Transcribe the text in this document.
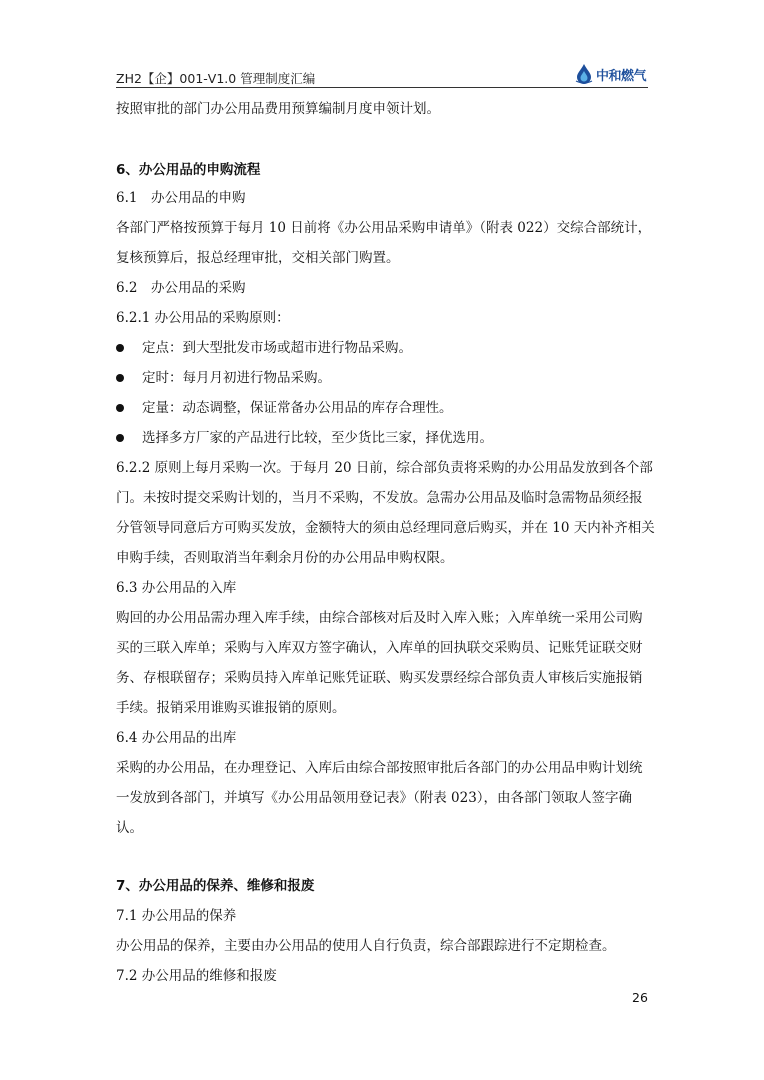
ZH2【企】001-V1.0 管理制度汇编	中和燃气
按照审批的部门办公用品费用预算编制月度申领计划。
6、办公用品的申购流程
6.1　办公用品的申购
各部门严格按预算于每月 10 日前将《办公用品采购申请单》（附表 022）交综合部统计，
复核预算后，报总经理审批，交相关部门购置。
6.2　办公用品的采购
6.2.1 办公用品的采购原则：
定点：到大型批发市场或超市进行物品采购。
定时：每月月初进行物品采购。
定量：动态调整，保证常备办公用品的库存合理性。
选择多方厂家的产品进行比较，至少货比三家，择优选用。
6.2.2 原则上每月采购一次。于每月 20 日前，综合部负责将采购的办公用品发放到各个部
门。未按时提交采购计划的，当月不采购，不发放。急需办公用品及临时急需物品须经报
分管领导同意后方可购买发放，金额特大的须由总经理同意后购买，并在 10 天内补齐相关
申购手续，否则取消当年剩余月份的办公用品申购权限。
6.3 办公用品的入库
购回的办公用品需办理入库手续，由综合部核对后及时入库入账；入库单统一采用公司购
买的三联入库单；采购与入库双方签字确认，入库单的回执联交采购员、记账凭证联交财
务、存根联留存；采购员持入库单记账凭证联、购买发票经综合部负责人审核后实施报销
手续。报销采用谁购买谁报销的原则。
6.4 办公用品的出库
采购的办公用品，在办理登记、入库后由综合部按照审批后各部门的办公用品申购计划统
一发放到各部门，并填写《办公用品领用登记表》（附表 023），由各部门领取人签字确
认。
7、办公用品的保养、维修和报废
7.1 办公用品的保养
办公用品的保养，主要由办公用品的使用人自行负责，综合部跟踪进行不定期检查。
7.2 办公用品的维修和报废
26
